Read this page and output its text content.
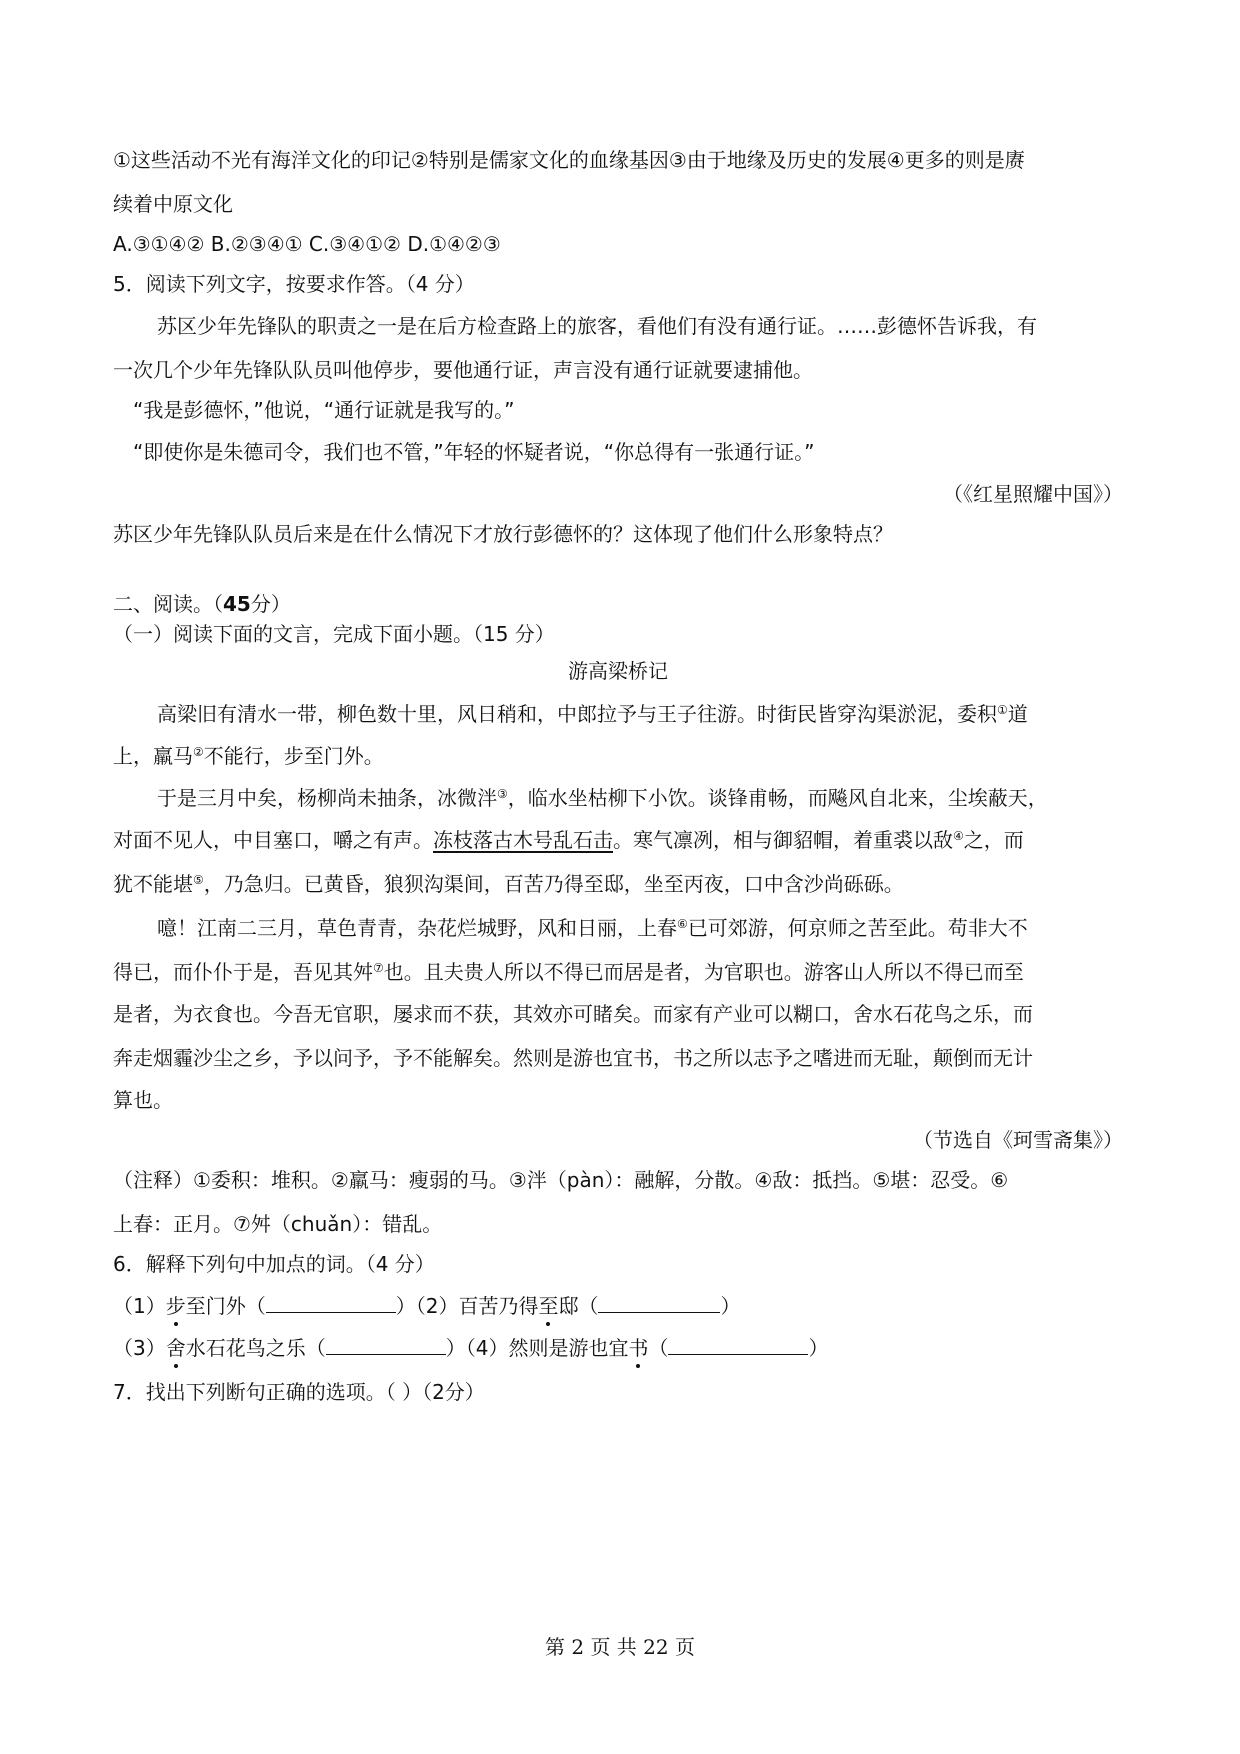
①这些活动不光有海洋文化的印记②特别是儒家文化的血缘基因③由于地缘及历史的发展④更多的则是赓
续着中原文化
A.③①④② B.②③④① C.③④①② D.①④②③
5．阅读下列文字，按要求作答。（4 分）
苏区少年先锋队的职责之一是在后方检查路上的旅客，看他们有没有通行证。……彭德怀告诉我，有
一次几个少年先锋队队员叫他停步，要他通行证，声言没有通行证就要逮捕他。
“我是彭德怀，”他说，“通行证就是我写的。”
“即使你是朱德司令，我们也不管，”年轻的怀疑者说，“你总得有一张通行证。”
（《红星照耀中国》）
苏区少年先锋队队员后来是在什么情况下才放行彭德怀的？这体现了他们什么形象特点？
二、阅读。（45分）
（一）阅读下面的文言，完成下面小题。（15 分）
游高梁桥记
高梁旧有清水一带，柳色数十里，风日稍和，中郎拉予与王子往游。时街民皆穿沟渠淤泥，委积①道
上，羸马②不能行，步至门外。
于是三月中矣，杨柳尚未抽条，冰微泮③，临水坐枯柳下小饮。谈锋甫畅，而飚风自北来，尘埃蔽天，
对面不见人，中目塞口，嚼之有声。冻枝落古木号乱石击。寒气凛冽，相与御貂帽，着重裘以敌④之，而
犹不能堪⑤，乃急归。已黄昏，狼狈沟渠间，百苦乃得至邸，坐至丙夜，口中含沙尚砾砾。
噫！江南二三月，草色青青，杂花烂城野，风和日丽，上春⑥已可郊游，何京师之苦至此。苟非大不
得已，而仆仆于是，吾见其舛⑦也。且夫贵人所以不得已而居是者，为官职也。游客山人所以不得已而至
是者，为衣食也。今吾无官职，屡求而不获，其效亦可睹矣。而家有产业可以糊口，舍水石花鸟之乐，而
奔走烟霾沙尘之乡，予以问予，予不能解矣。然则是游也宜书，书之所以志予之嗜进而无耻，颠倒而无计
算也。
（节选自《珂雪斋集》）
（注释）①委积：堆积。②羸马：瘦弱的马。③泮（pàn）：融解，分散。④敌：抵挡。⑤堪：忍受。⑥
上春：正月。⑦舛（chuǎn）：错乱。
6．解释下列句中加点的词。（4 分）
（1）步至门外（	）（2）百苦乃得至邸（	）
（3）舍水石花鸟之乐（	）（4）然则是游也宜书（	）
7．找出下列断句正确的选项。（ ）（2分）
第 2 页 共 22 页
